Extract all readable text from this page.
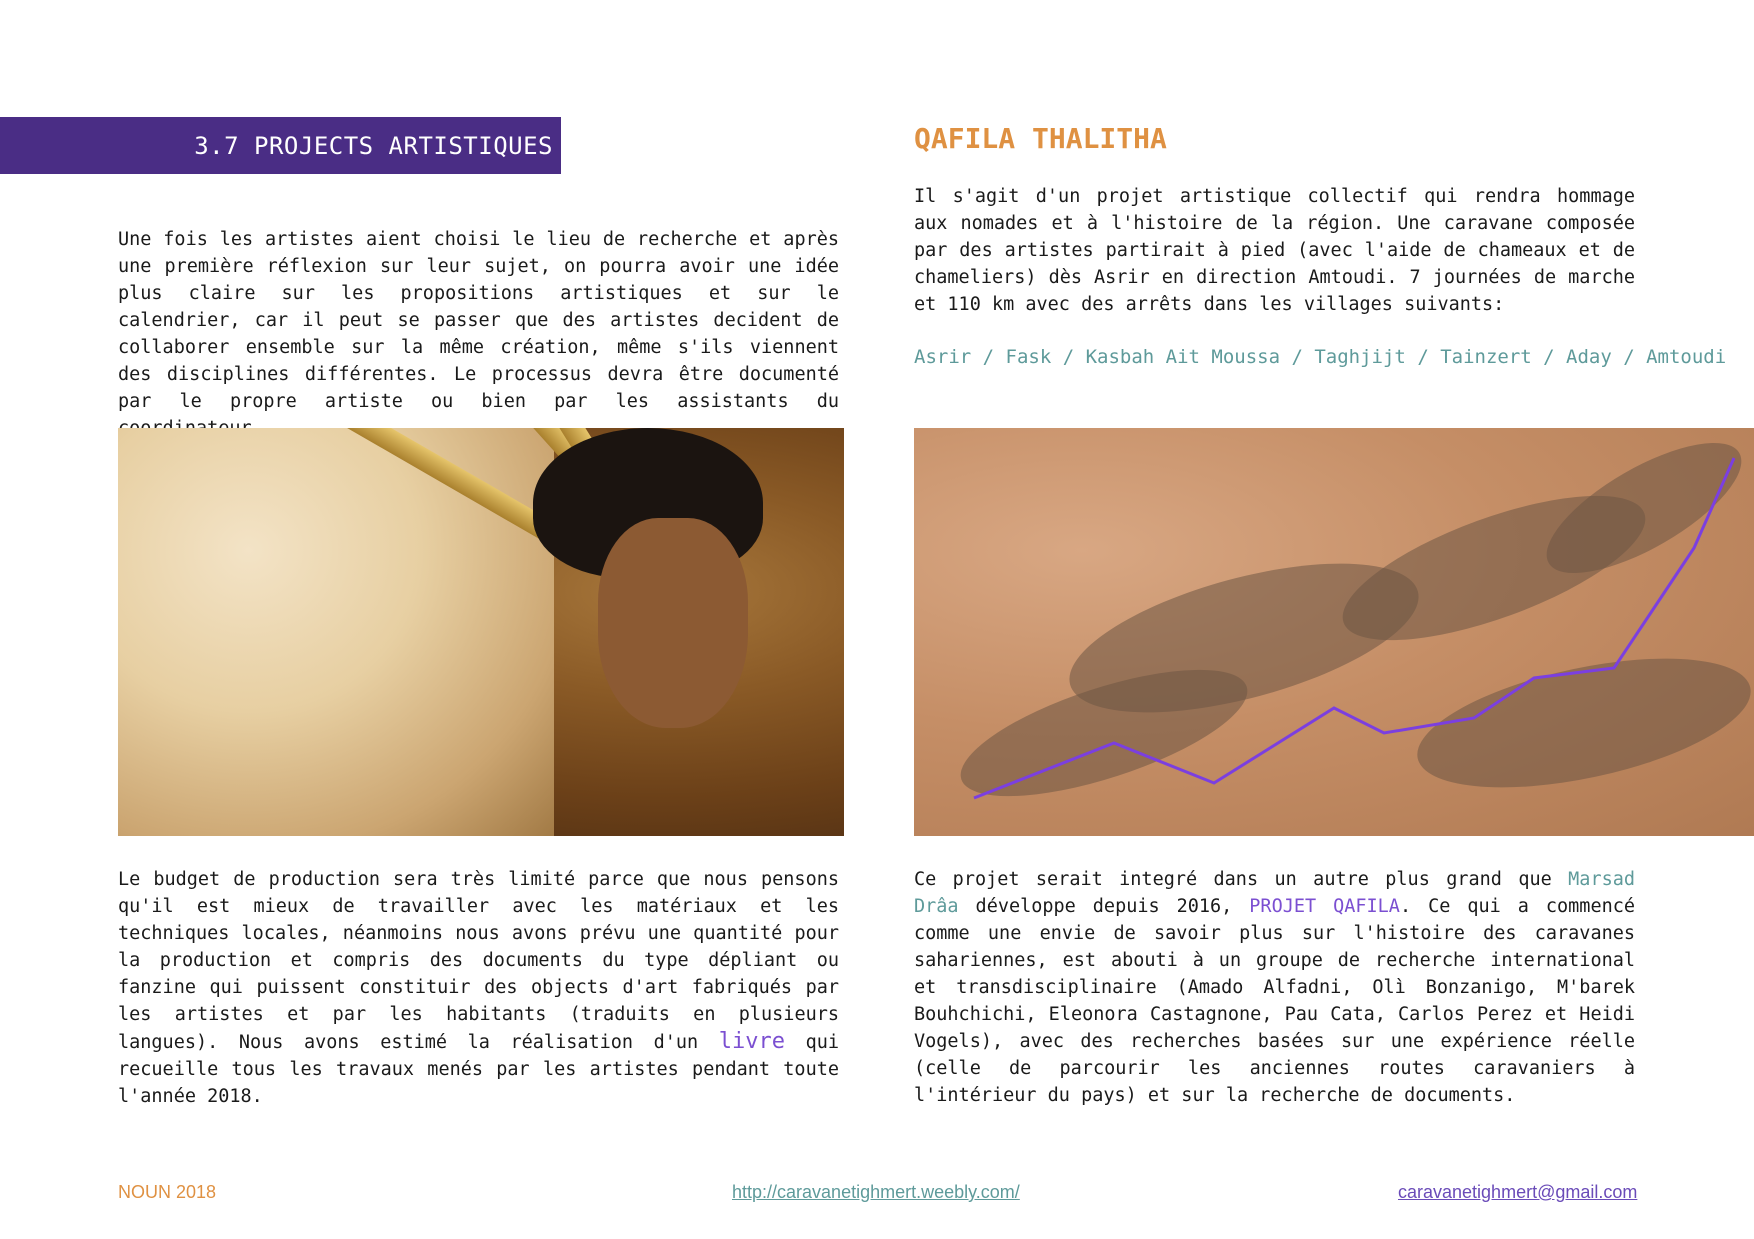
3.7 PROJECTS ARTISTIQUES	QAFILA THALITHA

Une fois les artistes aient choisi le lieu de recherche et après une première réflexion sur leur sujet, on pourra avoir une idée plus claire sur les propositions artistiques et sur le calendrier, car il peut se passer que des artistes decident de collaborer ensemble sur la même création, même s'ils viennent des disciplines différentes. Le processus devra être documenté par le propre artiste ou bien par les assistants du

Il s'agit d'un projet artistique collectif qui rendra hommage aux nomades et à l'histoire de la région. Une caravane composée par des artistes partirait à pied (avec l'aide de chameaux et de chameliers) dès Asrir en direction Amtoudi. 7 journées de marche et 110 km avec des arrêts dans les villages suivants:

Asrir / Fask / Kasbah Ait Moussa / Taghjijt / Tainzert / Aday / Amtoudi

Le budget de production sera très limité parce que nous pensons qu'il est mieux de travailler avec les matériaux et les techniques locales, néanmoins nous avons prévu une quantité pour la production et compris des documents du type dépliant ou fanzine qui puissent constituir des objects d'art fabriqués par les artistes et par les habitants (traduits en plusieurs langues). Nous avons estimé la réalisation d'un livre qui recueille tous les travaux menés par les artistes pendant toute l'année 2018.

Ce projet serait integré dans un autre plus grand que Marsad Drâa développe depuis 2016, PROJET QAFILA. Ce qui a commencé comme une envie de savoir plus sur l'histoire des caravanes sahariennes, est abouti à un groupe de recherche international et transdisciplinaire (Amado Alfadni, Olì Bonzanigo, M'barek Bouhchichi, Eleonora Castagnone, Pau Cata, Carlos Perez et Heidi Vogels), avec des recherches basées sur une expérience réelle (celle de parcourir les anciennes routes caravaniers à l'intérieur du pays) et sur la recherche de documents.

NOUN 2018	http://caravanetighmert.weebly.com/	caravanetighmert@gmail.com
